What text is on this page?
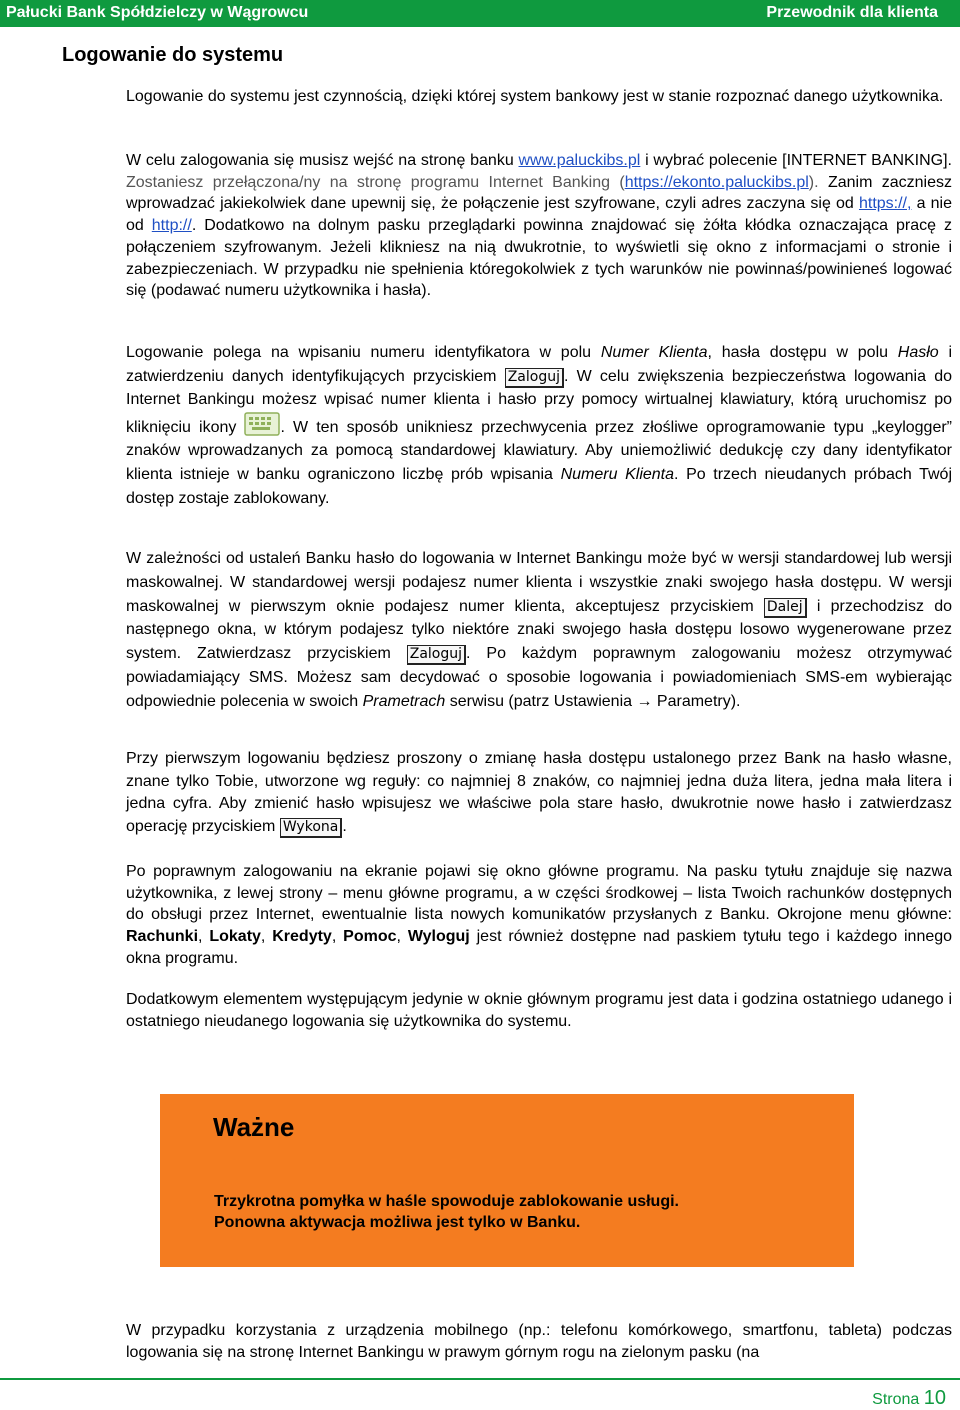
Pałucki Bank Spółdzielczy w Wągrowcu	Przewodnik dla klienta
Logowanie do systemu

Logowanie do systemu jest czynnością, dzięki której system bankowy jest w stanie rozpoznać danego użytkownika.

W celu zalogowania się musisz wejść na stronę banku www.paluckibs.pl i wybrać polecenie [INTERNET BANKING]. Zostaniesz przełączona/ny na stronę programu Internet Banking (https://ekonto.paluckibs.pl). Zanim zaczniesz wprowadzać jakiekolwiek dane upewnij się, że połączenie jest szyfrowane, czyli adres zaczyna się od https://, a nie od http://. Dodatkowo na dolnym pasku przeglądarki powinna znajdować się żółta kłódka oznaczająca pracę z połączeniem szyfrowanym. Jeżeli klikniesz na nią dwukrotnie, to wyświetli się okno z informacjami o stronie i zabezpieczeniach. W przypadku nie spełnienia któregokolwiek z tych warunków nie powinnaś/powinieneś logować się (podawać numeru użytkownika i hasła).

Logowanie polega na wpisaniu numeru identyfikatora w polu Numer Klienta, hasła dostępu w polu Hasło i zatwierdzeniu danych identyfikujących przyciskiem Zaloguj . W celu zwiększenia bezpieczeństwa logowania do Internet Bankingu możesz wpisać numer klienta i hasło przy pomocy wirtualnej klawiatury, którą uruchomisz po kliknięciu ikony . W ten sposób unikniesz przechwycenia przez złośliwe oprogramowanie typu „keylogger” znaków wprowadzanych za pomocą standardowej klawiatury. Aby uniemożliwić dedukcję czy dany identyfikator klienta istnieje w banku ograniczono liczbę prób wpisania Numeru Klienta. Po trzech nieudanych próbach Twój dostęp zostaje zablokowany.

W zależności od ustaleń Banku hasło do logowania w Internet Bankingu może być w wersji standardowej lub wersji maskowalnej. W standardowej wersji podajesz numer klienta i wszystkie znaki swojego hasła dostępu. W wersji maskowalnej w pierwszym oknie podajesz numer klienta, akceptujesz przyciskiem Dalej i przechodzisz do następnego okna, w którym podajesz tylko niektóre znaki swojego hasła dostępu losowo wygenerowane przez system. Zatwierdzasz przyciskiem Zaloguj . Po każdym poprawnym zalogowaniu możesz otrzymywać powiadamiający SMS. Możesz sam decydować o sposobie logowania i powiadomieniach SMS-em wybierając odpowiednie polecenia w swoich Prametrach serwisu (patrz Ustawienia → Parametry).

Przy pierwszym logowaniu będziesz proszony o zmianę hasła dostępu ustalonego przez Bank na hasło własne, znane tylko Tobie, utworzone wg reguły: co najmniej 8 znaków, co najmniej jedna duża litera, jedna mała litera i jedna cyfra. Aby zmienić hasło wpisujesz we właściwe pola stare hasło, dwukrotnie nowe hasło i zatwierdzasz operację przyciskiem Wykona .

Po poprawnym zalogowaniu na ekranie pojawi się okno główne programu. Na pasku tytułu znajduje się nazwa użytkownika, z lewej strony – menu główne programu, a w części środkowej – lista Twoich rachunków dostępnych do obsługi przez Internet, ewentualnie lista nowych komunikatów przysłanych z Banku. Okrojone menu główne: Rachunki, Lokaty, Kredyty, Pomoc, Wyloguj jest również dostępne nad paskiem tytułu tego i każdego innego okna programu.

Dodatkowym elementem występującym jedynie w oknie głównym programu jest data i godzina ostatniego udanego i ostatniego nieudanego logowania się użytkownika do systemu.

Ważne

Trzykrotna pomyłka w haśle spowoduje zablokowanie usługi.
Ponowna aktywacja możliwa jest tylko w Banku.

W przypadku korzystania z urządzenia mobilnego (np.: telefonu komórkowego, smartfonu, tableta) podczas logowania się na stronę Internet Bankingu w prawym górnym rogu na zielonym pasku (na

Strona 10
